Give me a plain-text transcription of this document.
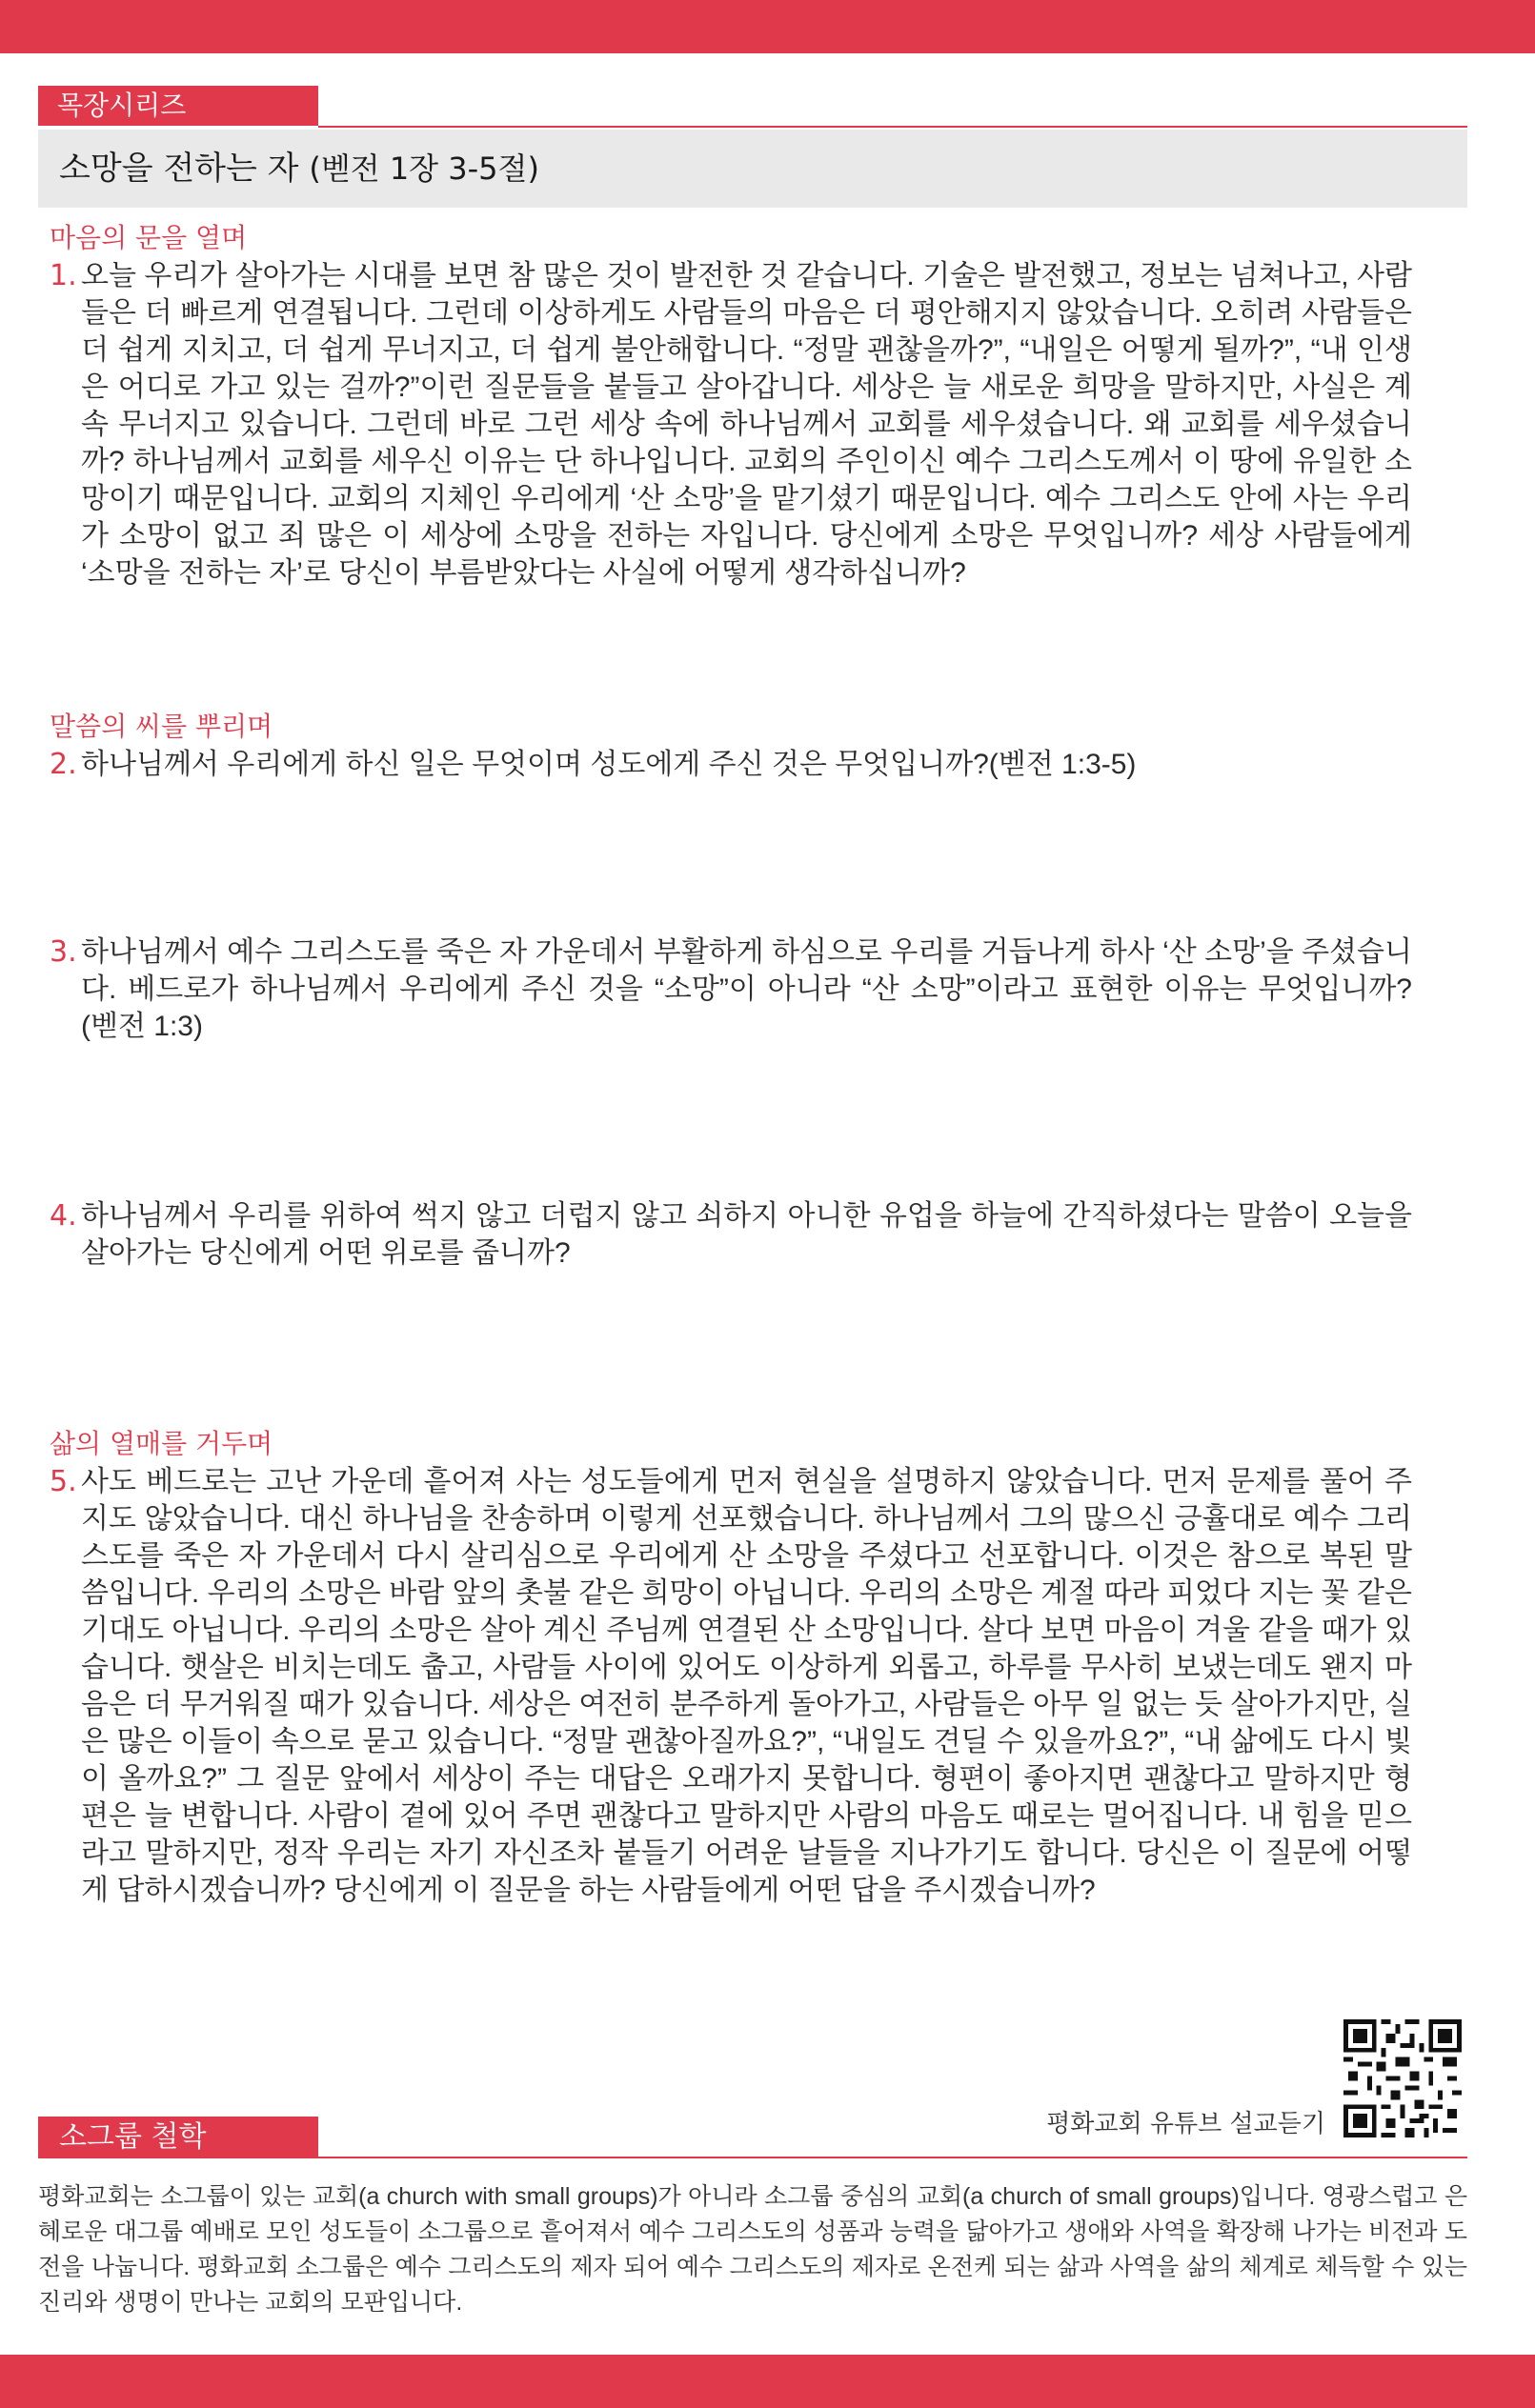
목장시리즈
소망을 전하는 자 (벧전 1장 3-5절)
마음의 문을 열며
1. 오늘 우리가 살아가는 시대를 보면 참 많은 것이 발전한 것 같습니다. 기술은 발전했고, 정보는 넘쳐나고, 사람들은 더 빠르게 연결됩니다. 그런데 이상하게도 사람들의 마음은 더 평안해지지 않았습니다. 오히려 사람들은 더 쉽게 지치고, 더 쉽게 무너지고, 더 쉽게 불안해합니다. “정말 괜찮을까?”, “내일은 어떻게 될까?”, “내 인생은 어디로 가고 있는 걸까?”이런 질문들을 붙들고 살아갑니다. 세상은 늘 새로운 희망을 말하지만, 사실은 계속 무너지고 있습니다. 그런데 바로 그런 세상 속에 하나님께서 교회를 세우셨습니다. 왜 교회를 세우셨습니까? 하나님께서 교회를 세우신 이유는 단 하나입니다. 교회의 주인이신 예수 그리스도께서 이 땅에 유일한 소망이기 때문입니다. 교회의 지체인 우리에게 ‘산 소망’을 맡기셨기 때문입니다. 예수 그리스도 안에 사는 우리가 소망이 없고 죄 많은 이 세상에 소망을 전하는 자입니다. 당신에게 소망은 무엇입니까? 세상 사람들에게 ‘소망을 전하는 자’로 당신이 부름받았다는 사실에 어떻게 생각하십니까?
말씀의 씨를 뿌리며
2. 하나님께서 우리에게 하신 일은 무엇이며 성도에게 주신 것은 무엇입니까?(벧전 1:3-5)
3. 하나님께서 예수 그리스도를 죽은 자 가운데서 부활하게 하심으로 우리를 거듭나게 하사 ‘산 소망’을 주셨습니다. 베드로가 하나님께서 우리에게 주신 것을 “소망”이 아니라 “산 소망”이라고 표현한 이유는 무엇입니까? (벧전 1:3)
4. 하나님께서 우리를 위하여 썩지 않고 더럽지 않고 쇠하지 아니한 유업을 하늘에 간직하셨다는 말씀이 오늘을 살아가는 당신에게 어떤 위로를 줍니까?
삶의 열매를 거두며
5. 사도 베드로는 고난 가운데 흩어져 사는 성도들에게 먼저 현실을 설명하지 않았습니다. 먼저 문제를 풀어 주지도 않았습니다. 대신 하나님을 찬송하며 이렇게 선포했습니다. 하나님께서 그의 많으신 긍휼대로 예수 그리스도를 죽은 자 가운데서 다시 살리심으로 우리에게 산 소망을 주셨다고 선포합니다. 이것은 참으로 복된 말씀입니다. 우리의 소망은 바람 앞의 촛불 같은 희망이 아닙니다. 우리의 소망은 계절 따라 피었다 지는 꽃 같은 기대도 아닙니다. 우리의 소망은 살아 계신 주님께 연결된 산 소망입니다. 살다 보면 마음이 겨울 같을 때가 있습니다. 햇살은 비치는데도 춥고, 사람들 사이에 있어도 이상하게 외롭고, 하루를 무사히 보냈는데도 왠지 마음은 더 무거워질 때가 있습니다. 세상은 여전히 분주하게 돌아가고, 사람들은 아무 일 없는 듯 살아가지만, 실은 많은 이들이 속으로 묻고 있습니다. “정말 괜찮아질까요?”, “내일도 견딜 수 있을까요?”, “내 삶에도 다시 빛이 올까요?” 그 질문 앞에서 세상이 주는 대답은 오래가지 못합니다. 형편이 좋아지면 괜찮다고 말하지만 형편은 늘 변합니다. 사람이 곁에 있어 주면 괜찮다고 말하지만 사람의 마음도 때로는 멀어집니다. 내 힘을 믿으라고 말하지만, 정작 우리는 자기 자신조차 붙들기 어려운 날들을 지나가기도 합니다. 당신은 이 질문에 어떻게 답하시겠습니까? 당신에게 이 질문을 하는 사람들에게 어떤 답을 주시겠습니까?
평화교회 유튜브 설교듣기
소그룹 철학
평화교회는 소그룹이 있는 교회(a church with small groups)가 아니라 소그룹 중심의 교회(a church of small groups)입니다. 영광스럽고 은혜로운 대그룹 예배로 모인 성도들이 소그룹으로 흩어져서 예수 그리스도의 성품과 능력을 닮아가고 생애와 사역을 확장해 나가는 비전과 도전을 나눕니다. 평화교회 소그룹은 예수 그리스도의 제자 되어 예수 그리스도의 제자로 온전케 되는 삶과 사역을 삶의 체계로 체득할 수 있는 진리와 생명이 만나는 교회의 모판입니다.
